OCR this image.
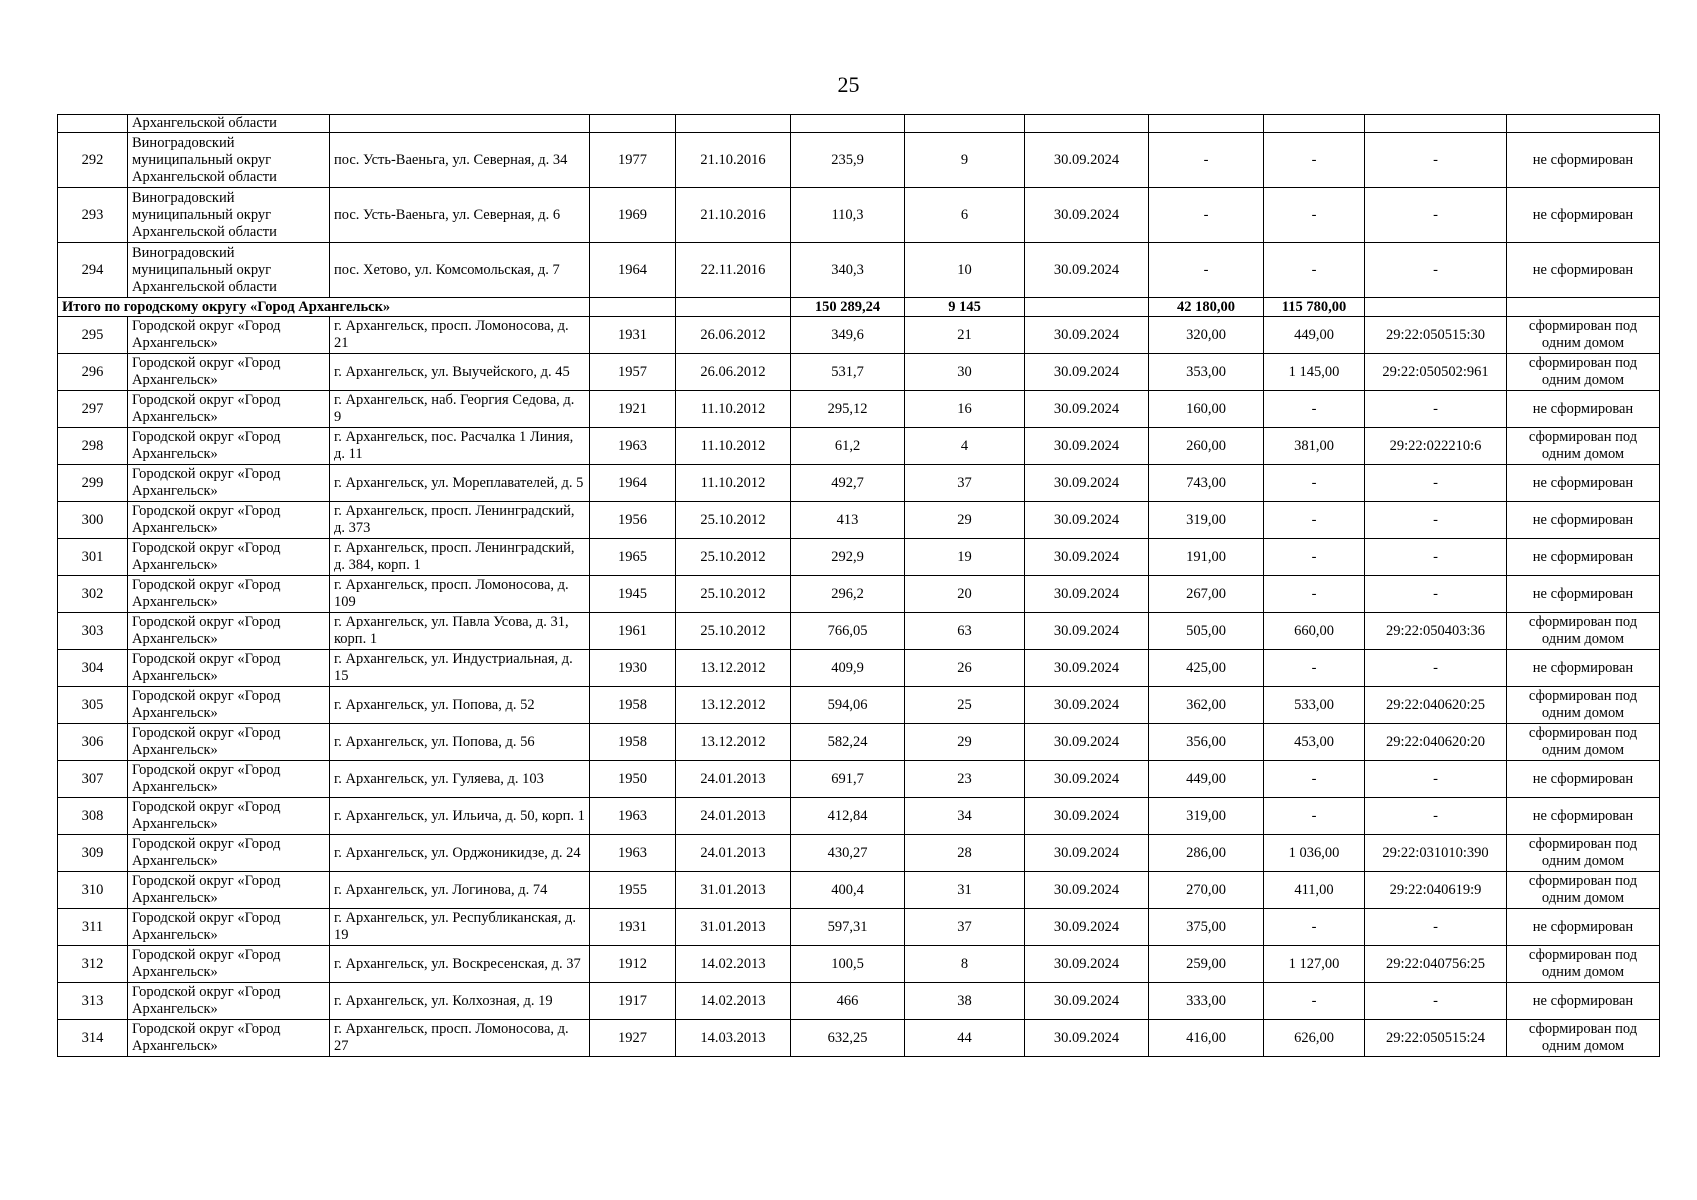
25
	Архангельской области										
292	Виноградовский муниципальный округ Архангельской области	пос. Усть-Ваеньга, ул. Северная, д. 34	1977	21.10.2016	235,9	9	30.09.2024	-	-	-	не сформирован
293	Виноградовский муниципальный округ Архангельской области	пос. Усть-Ваеньга, ул. Северная, д. 6	1969	21.10.2016	110,3	6	30.09.2024	-	-	-	не сформирован
294	Виноградовский муниципальный округ Архангельской области	пос. Хетово, ул. Комсомольская, д. 7	1964	22.11.2016	340,3	10	30.09.2024	-	-	-	не сформирован
Итого по городскому округу «Город Архангельск»					150 289,24	9 145		42 180,00	115 780,00		
295	Городской округ «Город Архангельск»	г. Архангельск, просп. Ломоносова, д. 21	1931	26.06.2012	349,6	21	30.09.2024	320,00	449,00	29:22:050515:30	сформирован под одним домом
296	Городской округ «Город Архангельск»	г. Архангельск, ул. Выучейского, д. 45	1957	26.06.2012	531,7	30	30.09.2024	353,00	1 145,00	29:22:050502:961	сформирован под одним домом
297	Городской округ «Город Архангельск»	г. Архангельск, наб. Георгия Седова, д. 9	1921	11.10.2012	295,12	16	30.09.2024	160,00	-	-	не сформирован
298	Городской округ «Город Архангельск»	г. Архангельск, пос. Расчалка 1 Линия, д. 11	1963	11.10.2012	61,2	4	30.09.2024	260,00	381,00	29:22:022210:6	сформирован под одним домом
299	Городской округ «Город Архангельск»	г. Архангельск, ул. Мореплавателей, д. 5	1964	11.10.2012	492,7	37	30.09.2024	743,00	-	-	не сформирован
300	Городской округ «Город Архангельск»	г. Архангельск, просп. Ленинградский, д. 373	1956	25.10.2012	413	29	30.09.2024	319,00	-	-	не сформирован
301	Городской округ «Город Архангельск»	г. Архангельск, просп. Ленинградский, д. 384, корп. 1	1965	25.10.2012	292,9	19	30.09.2024	191,00	-	-	не сформирован
302	Городской округ «Город Архангельск»	г. Архангельск, просп. Ломоносова, д. 109	1945	25.10.2012	296,2	20	30.09.2024	267,00	-	-	не сформирован
303	Городской округ «Город Архангельск»	г. Архангельск, ул. Павла Усова, д. 31, корп. 1	1961	25.10.2012	766,05	63	30.09.2024	505,00	660,00	29:22:050403:36	сформирован под одним домом
304	Городской округ «Город Архангельск»	г. Архангельск, ул. Индустриальная, д. 15	1930	13.12.2012	409,9	26	30.09.2024	425,00	-	-	не сформирован
305	Городской округ «Город Архангельск»	г. Архангельск, ул. Попова, д. 52	1958	13.12.2012	594,06	25	30.09.2024	362,00	533,00	29:22:040620:25	сформирован под одним домом
306	Городской округ «Город Архангельск»	г. Архангельск, ул. Попова, д. 56	1958	13.12.2012	582,24	29	30.09.2024	356,00	453,00	29:22:040620:20	сформирован под одним домом
307	Городской округ «Город Архангельск»	г. Архангельск, ул. Гуляева, д. 103	1950	24.01.2013	691,7	23	30.09.2024	449,00	-	-	не сформирован
308	Городской округ «Город Архангельск»	г. Архангельск, ул. Ильича, д. 50, корп. 1	1963	24.01.2013	412,84	34	30.09.2024	319,00	-	-	не сформирован
309	Городской округ «Город Архангельск»	г. Архангельск, ул. Орджоникидзе, д. 24	1963	24.01.2013	430,27	28	30.09.2024	286,00	1 036,00	29:22:031010:390	сформирован под одним домом
310	Городской округ «Город Архангельск»	г. Архангельск, ул. Логинова, д. 74	1955	31.01.2013	400,4	31	30.09.2024	270,00	411,00	29:22:040619:9	сформирован под одним домом
311	Городской округ «Город Архангельск»	г. Архангельск, ул. Республиканская, д. 19	1931	31.01.2013	597,31	37	30.09.2024	375,00	-	-	не сформирован
312	Городской округ «Город Архангельск»	г. Архангельск, ул. Воскресенская, д. 37	1912	14.02.2013	100,5	8	30.09.2024	259,00	1 127,00	29:22:040756:25	сформирован под одним домом
313	Городской округ «Город Архангельск»	г. Архангельск, ул. Колхозная, д. 19	1917	14.02.2013	466	38	30.09.2024	333,00	-	-	не сформирован
314	Городской округ «Город Архангельск»	г. Архангельск, просп. Ломоносова, д. 27	1927	14.03.2013	632,25	44	30.09.2024	416,00	626,00	29:22:050515:24	сформирован под одним домом
